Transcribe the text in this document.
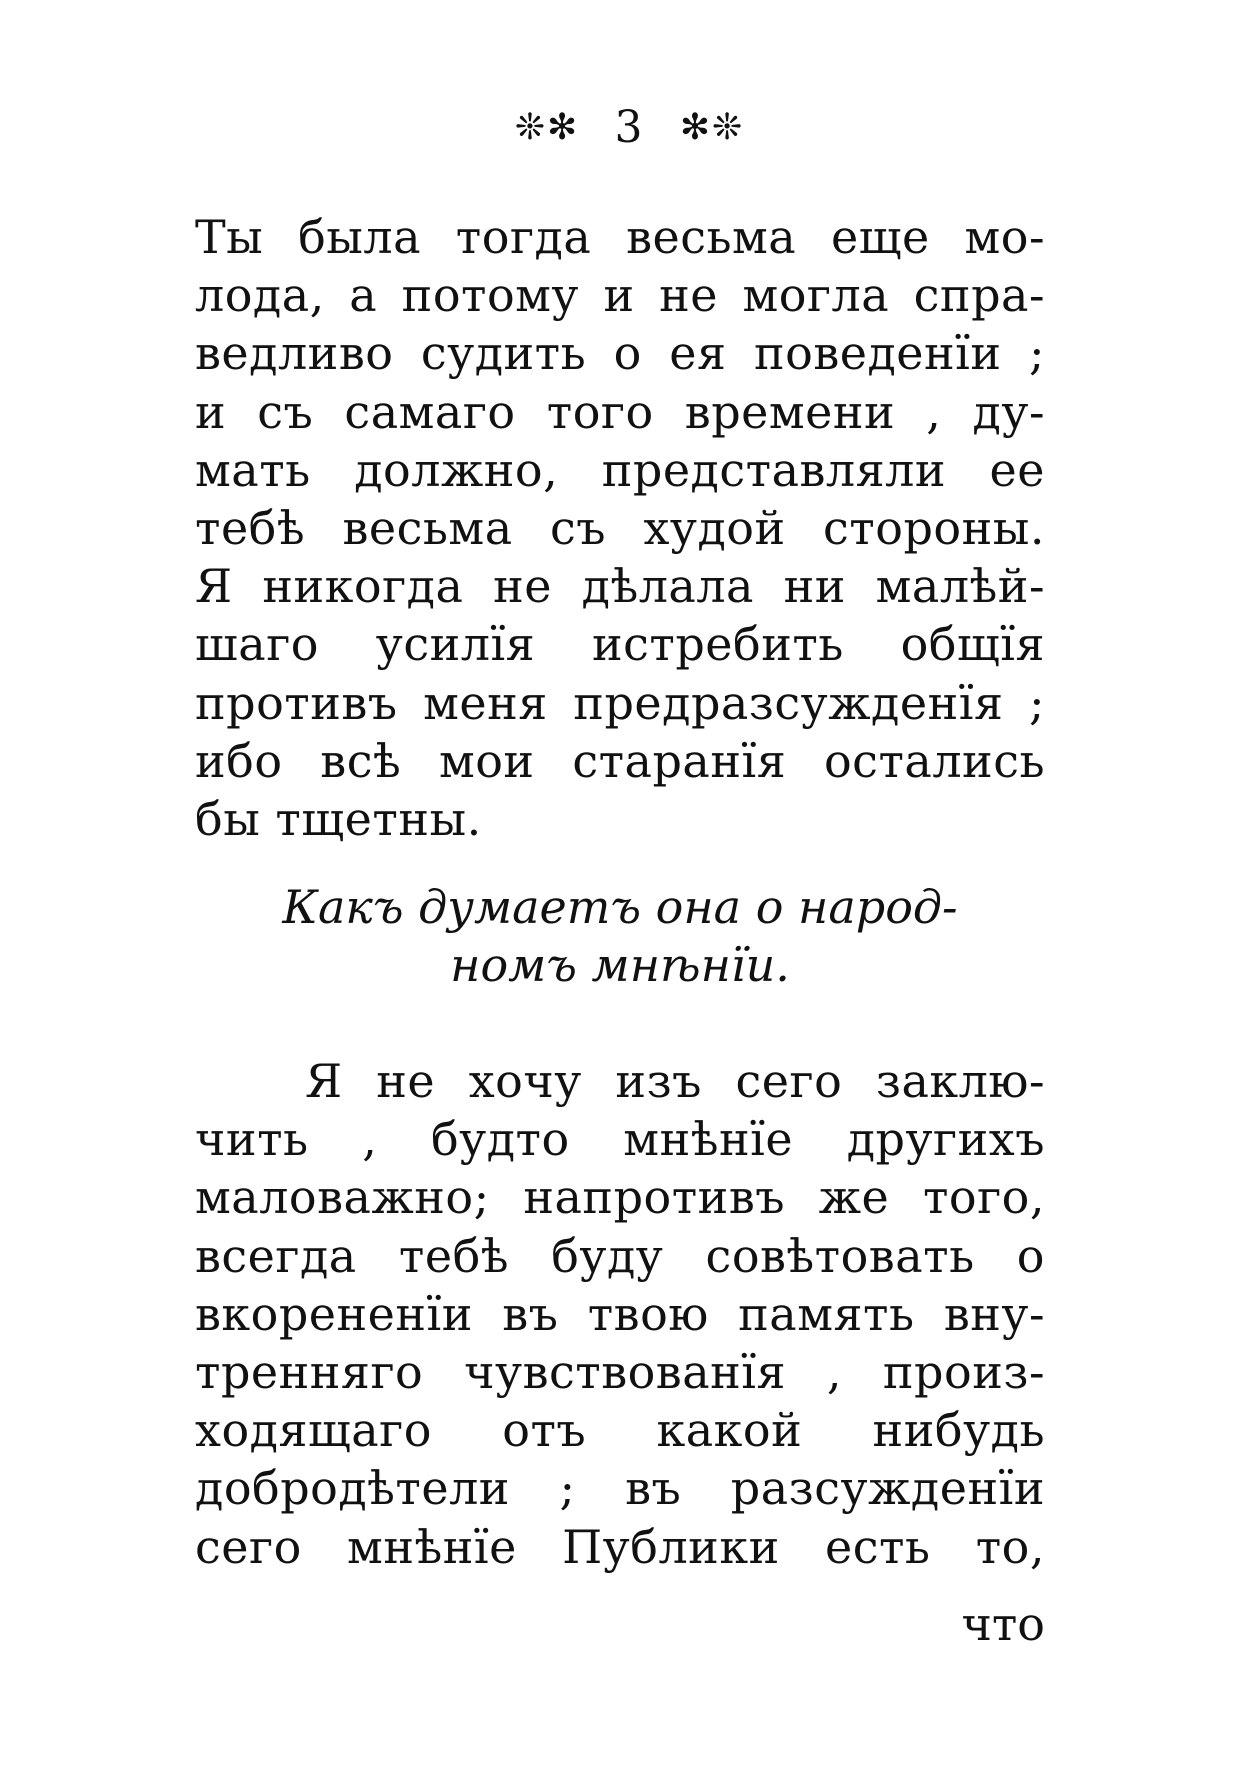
❊✻ 3 ✻❊
Ты была тогда весьма еще мо-
лода, а потому и не могла спра-
ведливо судить о ея поведенїи ;
и съ самаго того времени , ду-
мать должно, представляли ее
тебѣ весьма съ худой стороны.
Я никогда не дѣлала ни малѣй-
шаго усилїя истребить общїя
противъ меня предразсужденїя ;
ибо всѣ мои старанїя остались
бы тщетны.
Какъ думаетъ она о народ-
номъ мнѣнїи.
Я не хочу изъ сего заклю-
чить , будто мнѣнїе другихъ
маловажно; напротивъ же того,
всегда тебѣ буду совѣтовать о
вкорененїи въ твою память вну-
тренняго чувствованїя , произ-
ходящаго отъ какой нибудь
добродѣтели ; въ разсужденїи
сего мнѣнїе Публики есть то,
что
